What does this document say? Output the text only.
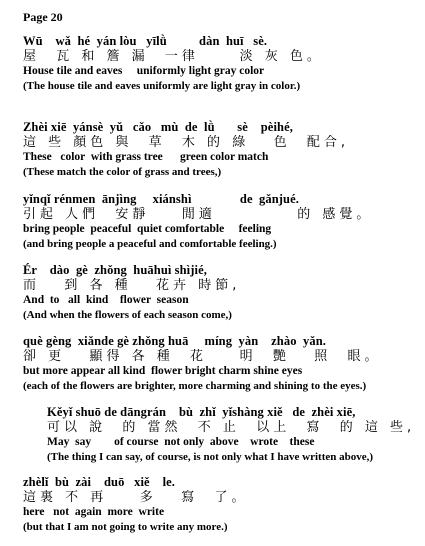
Page 20
Wū    wǎ  hé  yán lòu   yīlǜ          dàn  huī   sè.
屋  瓦 和 簷 漏  一律     淡 灰 色。
House tile and eaves     uniformly light gray color
(The house tile and eaves uniformly are light gray in color.)
Zhèi xiē  yánsè  yǔ   cǎo   mù  de  lǜ       sè    pèihé,
這 些 顏色 與  草  木 的 綠   色  配合,
These   color  with grass tree      green color match
(These match the color of grass and trees,)
yǐnqǐ rénmen  ānjìng     xiánshì               de  gǎnjué.
引起 人們  安靜    閒適          的 感覺。
bring people  peaceful  quiet comfortable     feeling
(and bring people a peaceful and comfortable feeling.)
Ér    dào  gè  zhǒng  huāhuì shìjié,
而   到 各 種   花卉 時節,
And  to   all  kind    flower  season
(And when the flowers of each season come,)
què gèng  xiǎnde gè zhǒng huā     míng  yàn    zhào  yǎn.
卻 更   顯得 各 種  花    明  艷   照  眼。
but more appear all kind  flower bright charm shine eyes
(each of the flowers are brighter, more charming and shining to the eyes.)
Kěyǐ shuō de dāngrán    bù  zhǐ  yǐshàng xiě   de  zhèi xiē,
可以 說  的 當然  不 止  以上  寫  的 這 些,
May  say        of course  not only  above    wrote    these
(The thing I can say, of course, is not only what I have written above,)
zhèlǐ  bù  zài    duō   xiě    le.
這裏 不 再    多   寫  了。
here   not  again  more  write
(but that I am not going to write any more.)
